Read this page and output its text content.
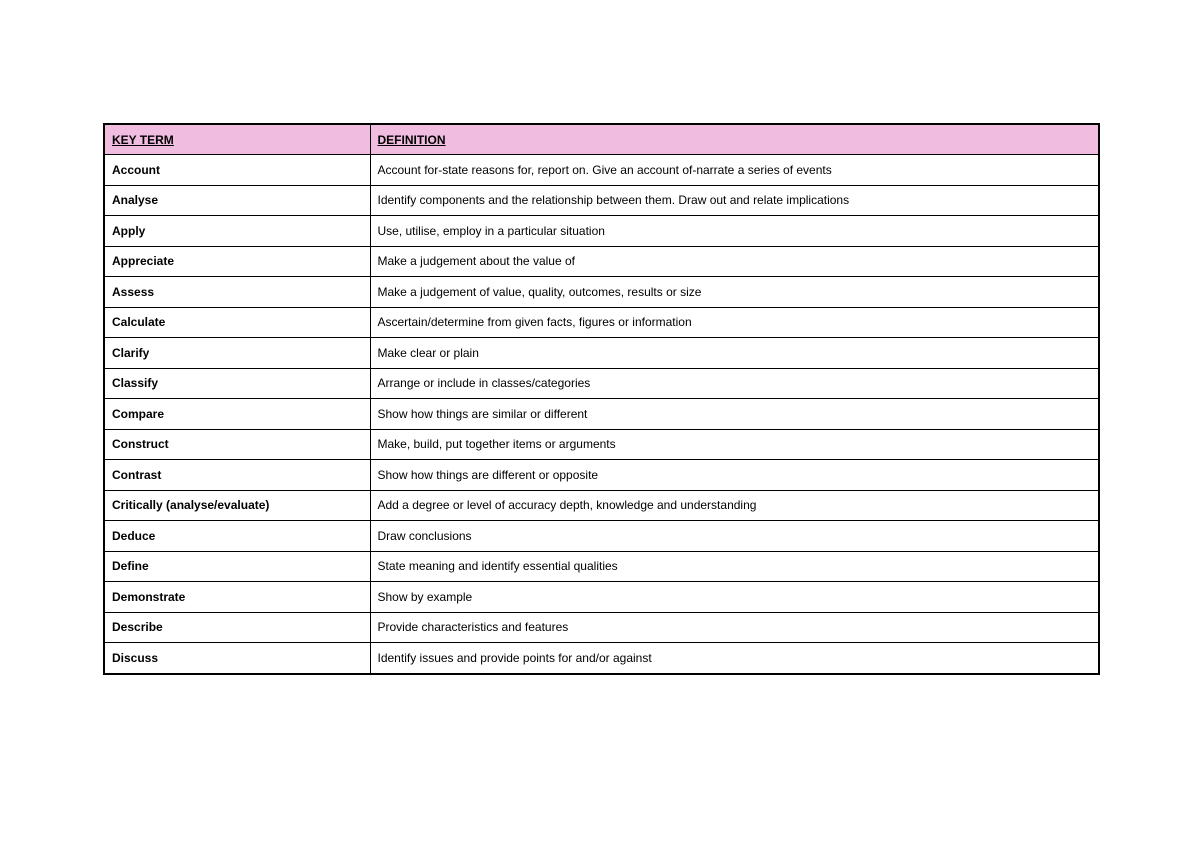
KEY TERM	DEFINITION
Account	Account for-state reasons for, report on. Give an account of-narrate a series of events
Analyse	Identify components and the relationship between them. Draw out and relate implications
Apply	Use, utilise, employ in a particular situation
Appreciate	Make a judgement about the value of
Assess	Make a judgement of value, quality, outcomes, results or size
Calculate	Ascertain/determine from given facts, figures or information
Clarify	Make clear or plain
Classify	Arrange or include in classes/categories
Compare	Show how things are similar or different
Construct	Make, build, put together items or arguments
Contrast	Show how things are different or opposite
Critically (analyse/evaluate)	Add a degree or level of accuracy depth, knowledge and understanding
Deduce	Draw conclusions
Define	State meaning and identify essential qualities
Demonstrate	Show by example
Describe	Provide characteristics and features
Discuss	Identify issues and provide points for and/or against
